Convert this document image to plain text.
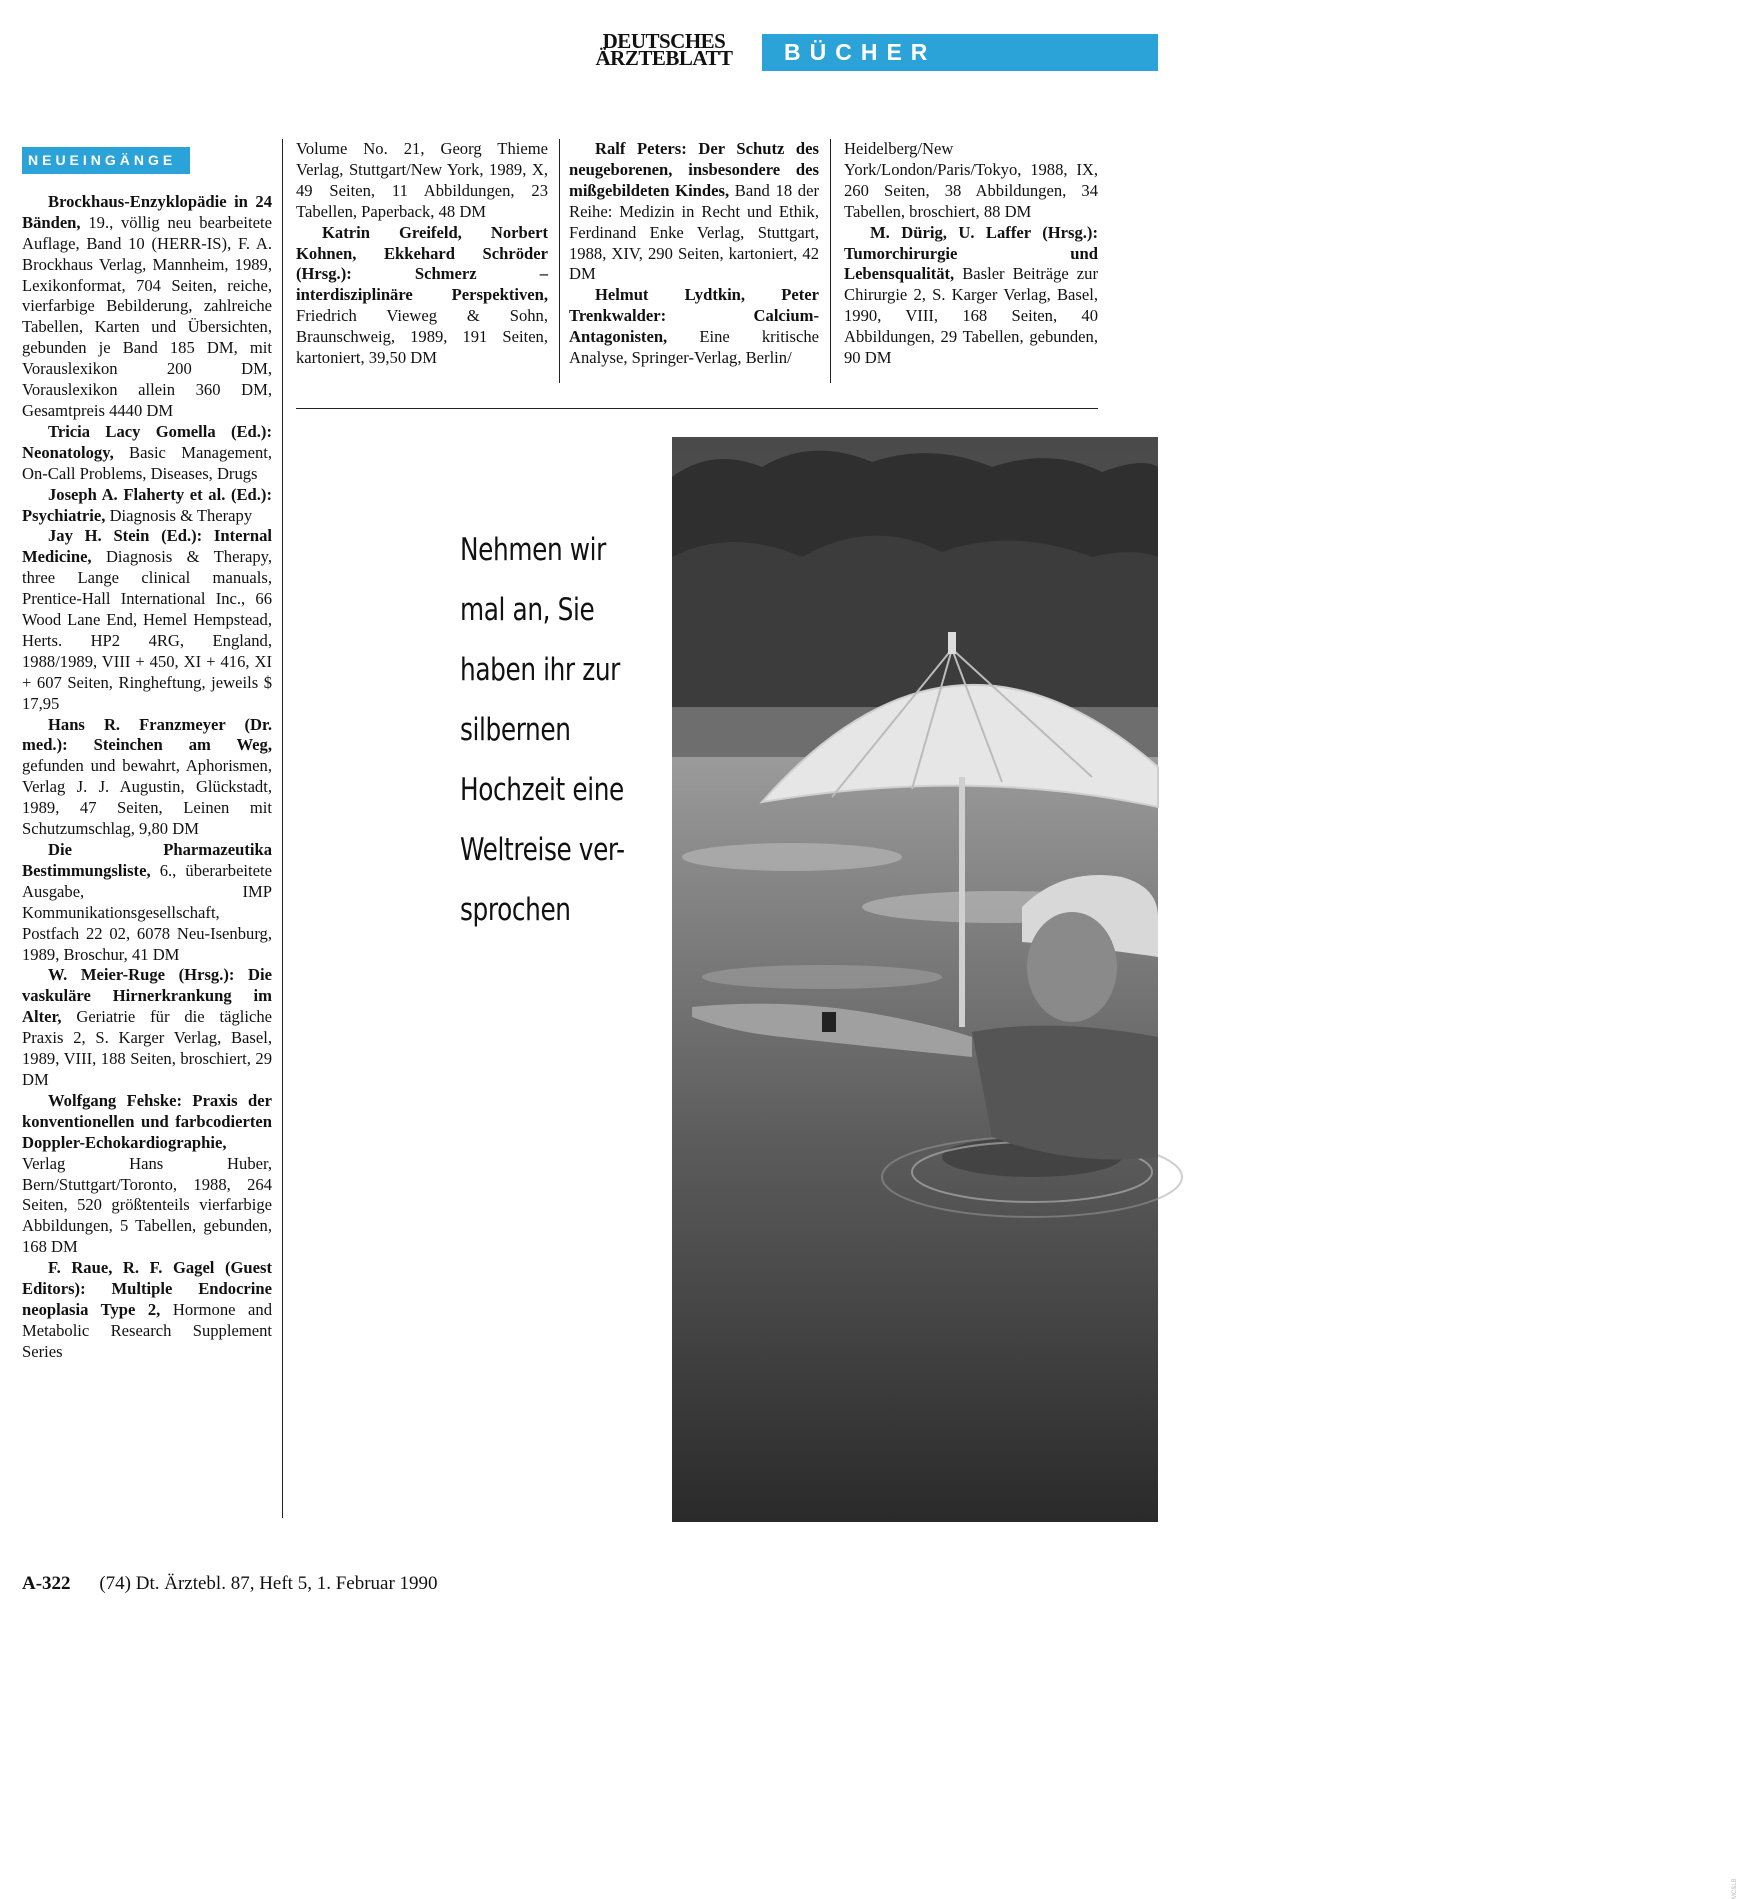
DEUTSCHES
ÄRZTEBLATT	BÜCHER
NEUEINGÄNGE

Brockhaus-Enzyklopädie in 24 Bänden, 19., völlig neu bearbeitete Auflage, Band 10 (HERR-IS), F. A. Brockhaus Verlag, Mannheim, 1989, Lexikonformat, 704 Seiten, reiche, vierfarbige Bebilderung, zahlreiche Tabellen, Karten und Übersichten, gebunden je Band 185 DM, mit Vorauslexikon 200 DM, Vorauslexikon allein 360 DM, Gesamtpreis 4440 DM

Tricia Lacy Gomella (Ed.): Neonatology, Basic Management, On-Call Problems, Diseases, Drugs

Joseph A. Flaherty et al. (Ed.): Psychiatrie, Diagnosis & Therapy

Jay H. Stein (Ed.): Internal Medicine, Diagnosis & Therapy, three Lange clinical manuals, Prentice-Hall International Inc., 66 Wood Lane End, Hemel Hempstead, Herts. HP2 4RG, England, 1988/1989, VIII + 450, XI + 416, XI + 607 Seiten, Ringheftung, jeweils $ 17,95

Hans R. Franzmeyer (Dr. med.): Steinchen am Weg, gefunden und bewahrt, Aphorismen, Verlag J. J. Augustin, Glückstadt, 1989, 47 Seiten, Leinen mit Schutzumschlag, 9,80 DM

Die Pharmazeutika Bestimmungsliste, 6., überarbeitete Ausgabe, IMP Kommunikationsgesellschaft, Postfach 22 02, 6078 Neu-Isenburg, 1989, Broschur, 41 DM

W. Meier-Ruge (Hrsg.): Die vaskuläre Hirnerkrankung im Alter, Geriatrie für die tägliche Praxis 2, S. Karger Verlag, Basel, 1989, VIII, 188 Seiten, broschiert, 29 DM

Wolfgang Fehske: Praxis der konventionellen und farbcodierten Doppler-Echokardiographie, Verlag Hans Huber, Bern/Stuttgart/Toronto, 1988, 264 Seiten, 520 größtenteils vierfarbige Abbildungen, 5 Tabellen, gebunden, 168 DM

F. Raue, R. F. Gagel (Guest Editors): Multiple Endocrine neoplasia Type 2, Hormone and Metabolic Research Supplement Series

Volume No. 21, Georg Thieme Verlag, Stuttgart/New York, 1989, X, 49 Seiten, 11 Abbildungen, 23 Tabellen, Paperback, 48 DM

Katrin Greifeld, Norbert Kohnen, Ekkehard Schröder (Hrsg.): Schmerz – interdisziplinäre Perspektiven, Friedrich Vieweg & Sohn, Braunschweig, 1989, 191 Seiten, kartoniert, 39,50 DM

Ralf Peters: Der Schutz des neugeborenen, insbesondere des mißgebildeten Kindes, Band 18 der Reihe: Medizin in Recht und Ethik, Ferdinand Enke Verlag, Stuttgart, 1988, XIV, 290 Seiten, kartoniert, 42 DM

Helmut Lydtkin, Peter Trenkwalder: Calcium-Antagonisten, Eine kritische Analyse, Springer-Verlag, Berlin/

Heidelberg/New York/London/Paris/Tokyo, 1988, IX, 260 Seiten, 38 Abbildungen, 34 Tabellen, broschiert, 88 DM

M. Dürig, U. Laffer (Hrsg.): Tumorchirurgie und Lebensqualität, Basler Beiträge zur Chirurgie 2, S. Karger Verlag, Basel, 1990, VIII, 168 Seiten, 40 Abbildungen, 29 Tabellen, gebunden, 90 DM

Nehmen wir
mal an, Sie
haben ihr zur
silbernen
Hochzeit eine
Weltreise ver-
sprochen
MC&LB
A-322 (74) Dt. Ärztebl. 87, Heft 5, 1. Februar 1990
